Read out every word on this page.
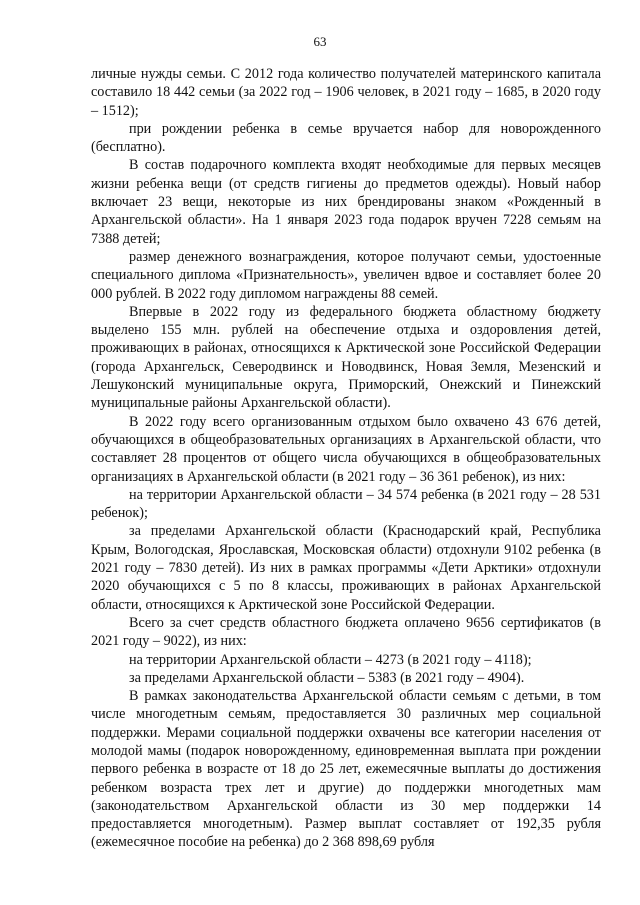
63

личные нужды семьи. С 2012 года количество получателей материнского капитала составило 18 442 семьи (за 2022 год – 1906 человек, в 2021 году – 1685, в 2020 году – 1512);

при рождении ребенка в семье вручается набор для новорожденного (бесплатно).

В состав подарочного комплекта входят необходимые для первых месяцев жизни ребенка вещи (от средств гигиены до предметов одежды). Новый набор включает 23 вещи, некоторые из них брендированы знаком «Рожденный в Архангельской области». На 1 января 2023 года подарок вручен 7228 семьям на 7388 детей;

размер денежного вознаграждения, которое получают семьи, удостоенные специального диплома «Признательность», увеличен вдвое и составляет более 20 000 рублей. В 2022 году дипломом награждены 88 семей.

Впервые в 2022 году из федерального бюджета областному бюджету выделено 155 млн. рублей на обеспечение отдыха и оздоровления детей, проживающих в районах, относящихся к Арктической зоне Российской Федерации (города Архангельск, Северодвинск и Новодвинск, Новая Земля, Мезенский и Лешуконский муниципальные округа, Приморский, Онежский и Пинежский муниципальные районы Архангельской области).

В 2022 году всего организованным отдыхом было охвачено 43 676 детей, обучающихся в общеобразовательных организациях в Архангельской области, что составляет 28 процентов от общего числа обучающихся в общеобразовательных организациях в Архангельской области (в 2021 году – 36 361 ребенок), из них:

на территории Архангельской области – 34 574 ребенка (в 2021 году – 28 531 ребенок);

за пределами Архангельской области (Краснодарский край, Республика Крым, Вологодская, Ярославская, Московская области) отдохнули 9102 ребенка (в 2021 году – 7830 детей). Из них в рамках программы «Дети Арктики» отдохнули 2020 обучающихся с 5 по 8 классы, проживающих в районах Архангельской области, относящихся к Арктической зоне Российской Федерации.

Всего за счет средств областного бюджета оплачено 9656 сертификатов (в 2021 году – 9022), из них:

на территории Архангельской области – 4273 (в 2021 году – 4118);

за пределами Архангельской области – 5383 (в 2021 году – 4904).

В рамках законодательства Архангельской области семьям с детьми, в том числе многодетным семьям, предоставляется 30 различных мер социальной поддержки. Мерами социальной поддержки охвачены все категории населения от молодой мамы (подарок новорожденному, единовременная выплата при рождении первого ребенка в возрасте от 18 до 25 лет, ежемесячные выплаты до достижения ребенком возраста трех лет и другие) до поддержки многодетных мам (законодательством Архангельской области из 30 мер поддержки 14 предоставляется многодетным). Размер выплат составляет от 192,35 рубля (ежемесячное пособие на ребенка) до 2 368 898,69 рубля
